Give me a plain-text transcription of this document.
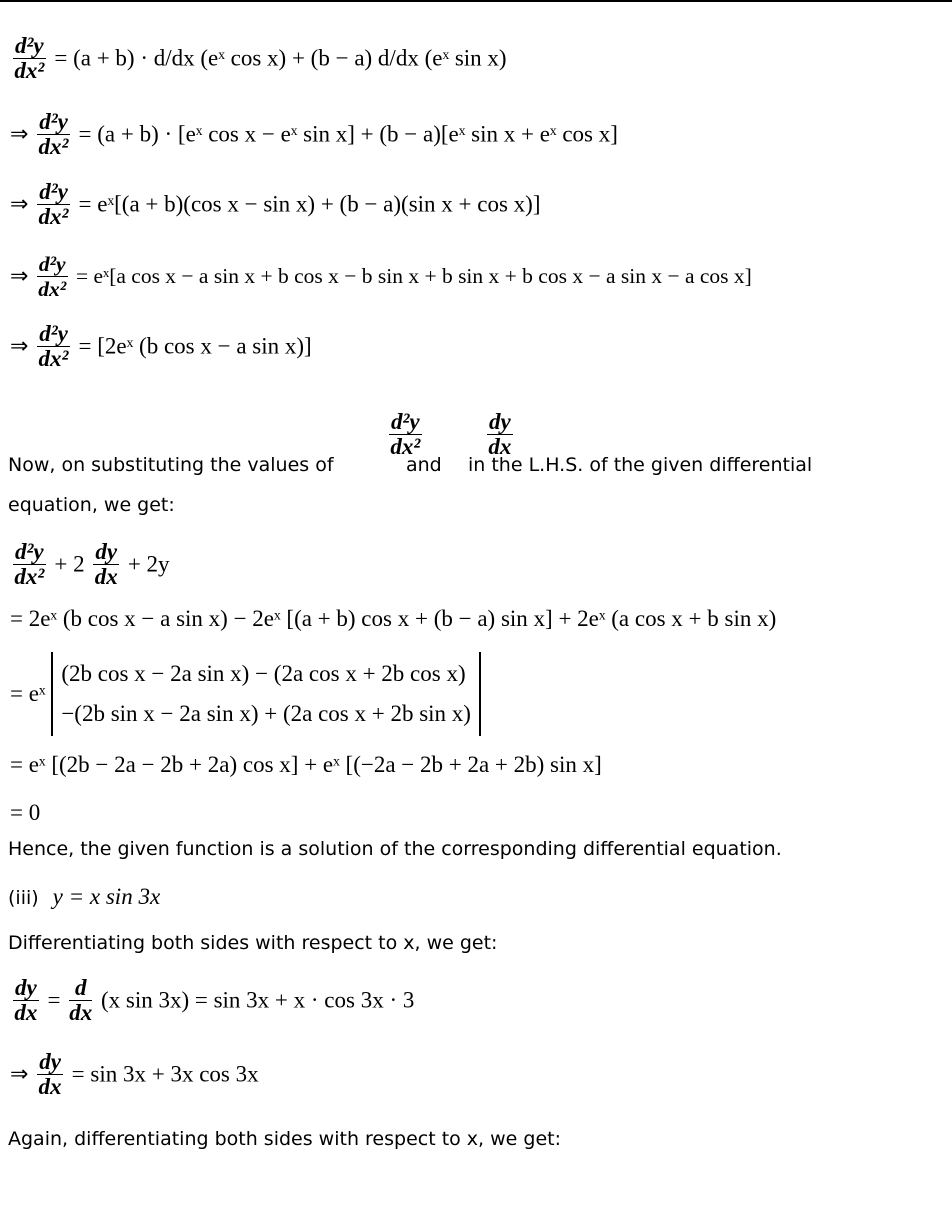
$\frac{\text{d²y}}{\text{dx²}} = (a + b) \cdot d/dx$ (eˣ cos x) + (b − a) d/dx (eˣ sin x)
⇒ $\frac{\text{d²y}}{\text{dx²}} = (a + b)$ · [eˣ cos x − eˣ sin x] + (b − a)[eˣ sin x + eˣ cos x]
⇒ $\frac{\text{d²y}}{\text{dx²}}$ = eˣ[(a + b)(cos x − sin x) + (b − a)(sin x + cos x)]
⇒ $\frac{\text{d²y}}{\text{dx²}}$ = eˣ[a cos x − a sin x + b cos x − b sin x + b sin x + b cos x − a sin x − a cos x]
⇒ $\frac{\text{d²y}}{\text{dx²}}$ = [2eˣ (b cos x − a sin x)]
$\frac{\text{d²y}}{\text{dx²}}$	$\frac{dy}{dx}$
Now, on substituting the values of	and in the L.H.S. of the given differential
equation, we get:
$\frac{\text{d²y}}{\text{dx²}} + 2 \frac{dy}{dx} + 2y$
= 2eˣ (b cos x − a sin x) − 2eˣ [(a + b) cos x + (b − a) sin x] + 2eˣ (a cos x + b sin x)
= eˣ
(2b cos x − 2a sin x) − (2a cos x + 2b cos x)
−(2b sin x − 2a sin x) + (2a cos x + 2b sin x)
= eˣ [(2b − 2a − 2b + 2a) cos x] + eˣ [(−2a − 2b + 2a + 2b) sin x]
= 0
Hence, the given function is a solution of the corresponding differential equation.
(iii) y = x sin 3x
Differentiating both sides with respect to x, we get:
$\frac{dy}{dx} = \frac{d}{dx} (x$ sin 3x) = sin 3x + x · cos 3x · 3
⇒ $\frac{dy}{dx} = \sin 3x + 3x$ cos 3x
Again, differentiating both sides with respect to x, we get:
